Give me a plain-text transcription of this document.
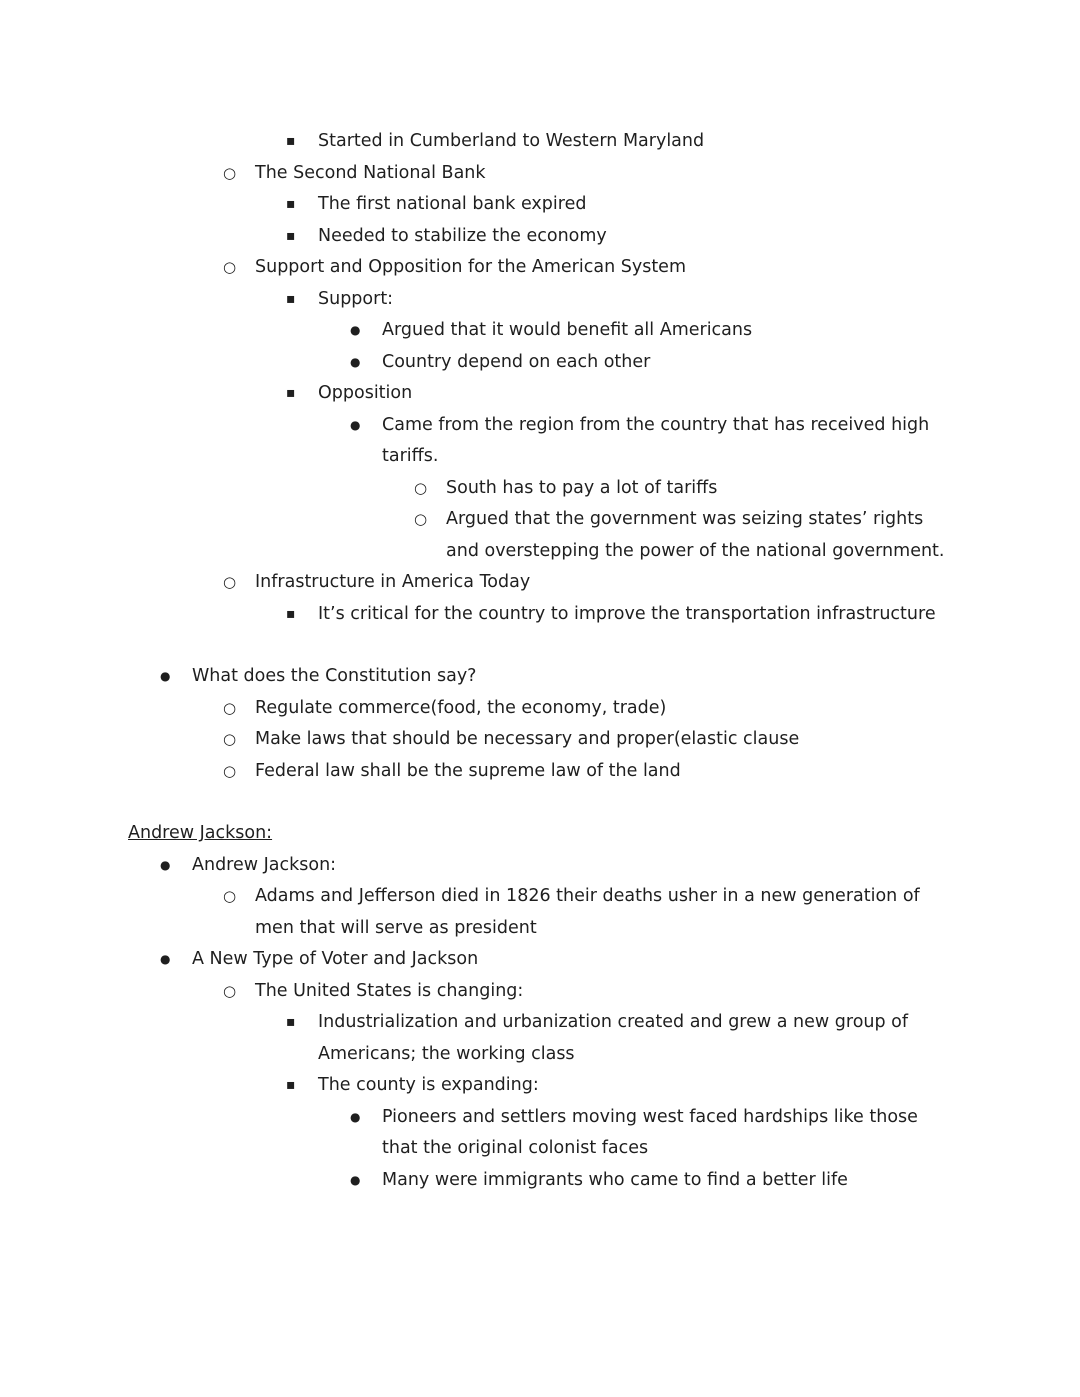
▪	Started in Cumberland to Western Maryland
○	The Second National Bank
▪	The first national bank expired
▪	Needed to stabilize the economy
○	Support and Opposition for the American System
▪	Support:
●	Argued that it would benefit all Americans
●	Country depend on each other
▪	Opposition
●	Came from the region from the country that has received high tariffs.
○	South has to pay a lot of tariffs
○	Argued that the government was seizing states’ rights and overstepping the power of the national government.
○	Infrastructure in America Today
▪	It’s critical for the country to improve the transportation infrastructure
●	What does the Constitution say?
○	Regulate commerce(food, the economy, trade)
○	Make laws that should be necessary and proper(elastic clause
○	Federal law shall be the supreme law of the land
Andrew Jackson:
●	Andrew Jackson:
○	Adams and Jefferson died in 1826 their deaths usher in a new generation of men that will serve as president
●	A New Type of Voter and Jackson
○	The United States is changing:
▪	Industrialization and urbanization created and grew a new group of Americans; the working class
▪	The county is expanding:
●	Pioneers and settlers moving west faced hardships like those that the original colonist faces
●	Many were immigrants who came to find a better life
